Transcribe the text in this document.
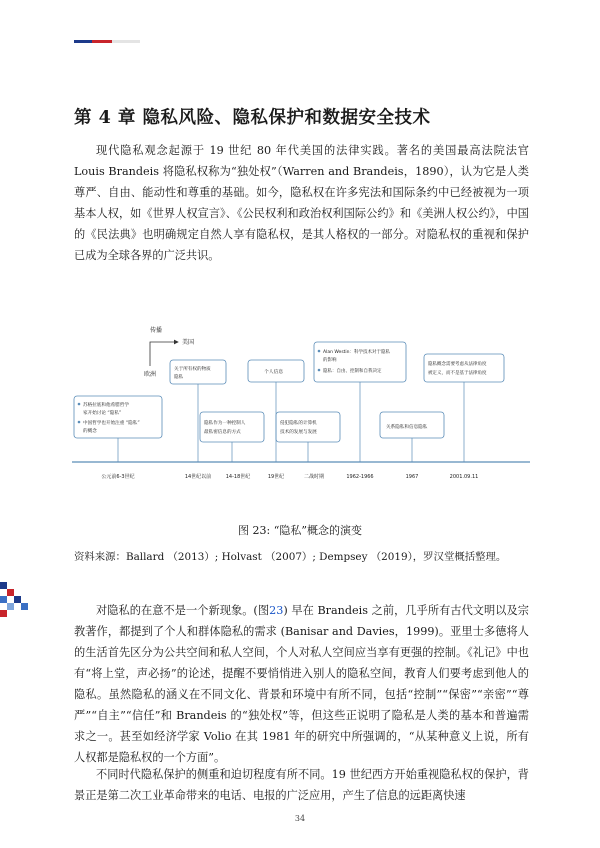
第 4 章 隐私风险、隐私保护和数据安全技术
现代隐私观念起源于 19 世纪 80 年代美国的法律实践。著名的美国最高法院法官 Louis Brandeis 将隐私权称为“独处权”（Warren and Brandeis，1890），认为它是人类尊严、自由、能动性和尊重的基础。如今，隐私权在许多宪法和国际条约中已经被视为一项基本人权，如《世界人权宣言》、《公民权利和政治权利国际公约》和《美洲人权公约》，中国的《民法典》也明确规定自然人享有隐私权，是其人格权的一部分。对隐私权的重视和保护已成为全球各界的广泛共识。
传播
美国
欧洲
苏格拉底和他希腊哲学
家开始讨论 “隐私”
中国哲学也开始注重 “隐私”
的概念
关于所有权的物质
隐私
隐私作为一种控制人
最私密信息的方式
个人信息
侵犯隐私的计算机
技术的发展与发展
Alan Westin：科学技术对于隐私
的影响
隐私：自由、控制和自我决定
关系隐私和信息隐私
隐私概念需要考虑从法律角度
被定义，而不是基于法律角度
公元前6-3世纪	14世纪以前	14-18世纪	19世纪	二战时期	1962-1966	1967	2001.09.11
图 23: “隐私”概念的演变
资料来源：Ballard （2013）; Holvast （2007）; Dempsey （2019），罗汉堂概括整理。
对隐私的在意不是一个新现象。(图23) 早在 Brandeis 之前，几乎所有古代文明以及宗教著作，都提到了个人和群体隐私的需求 (Banisar and Davies，1999)。亚里士多德将人的生活首先区分为公共空间和私人空间，个人对私人空间应当享有更强的控制。《礼记》中也有“将上堂，声必扬”的论述，提醒不要悄悄进入别人的隐私空间，教育人们要考虑到他人的隐私。虽然隐私的涵义在不同文化、背景和环境中有所不同，包括“控制”“保密”“亲密”“尊严”“自主”“信任”和 Brandeis 的“独处权”等，但这些正说明了隐私是人类的基本和普遍需求之一。甚至如经济学家 Volio 在其 1981 年的研究中所强调的，“从某种意义上说，所有人权都是隐私权的一个方面”。
不同时代隐私保护的侧重和迫切程度有所不同。19 世纪西方开始重视隐私权的保护，背景正是第二次工业革命带来的电话、电报的广泛应用，产生了信息的远距离快速
34
